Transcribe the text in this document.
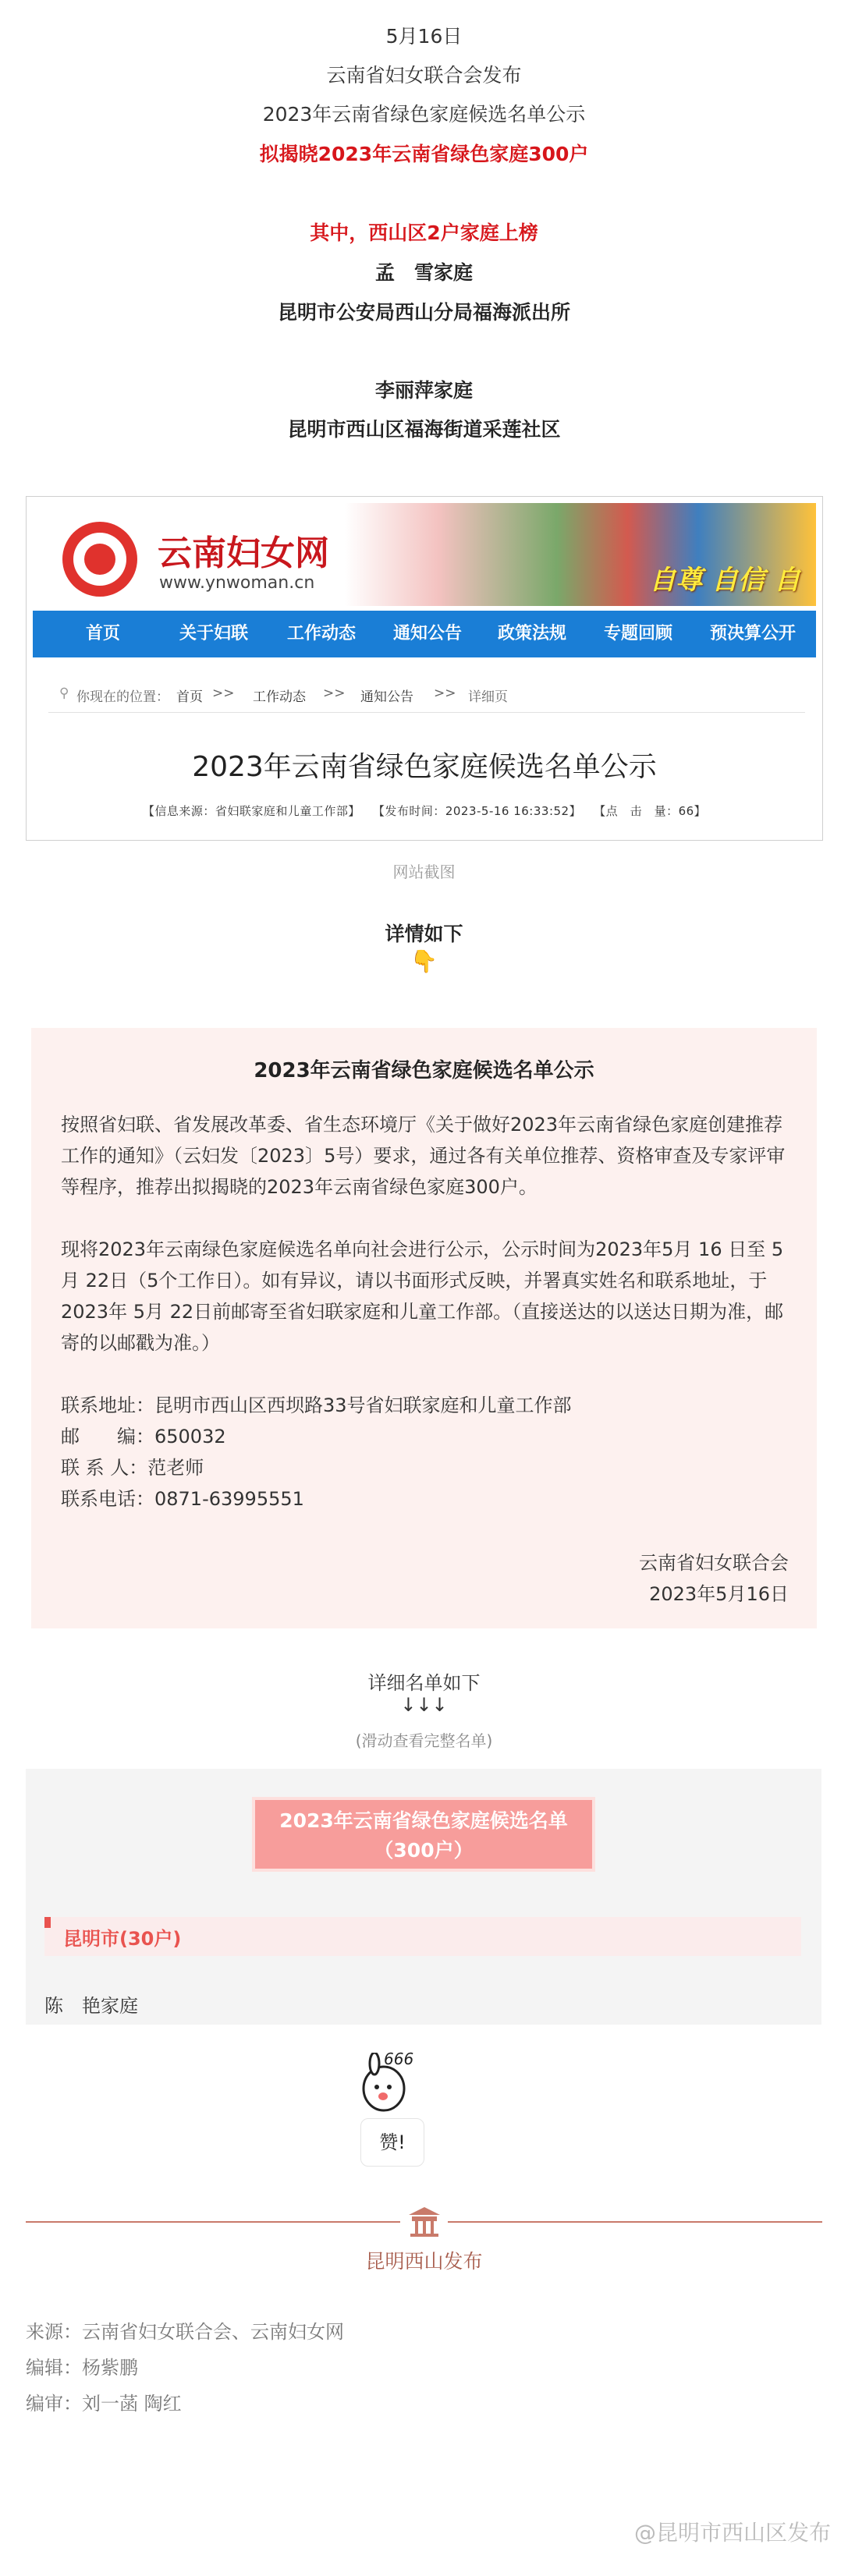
5月16日
云南省妇女联合会发布
2023年云南省绿色家庭候选名单公示
拟揭晓2023年云南省绿色家庭300户
其中，西山区2户家庭上榜
孟　雪家庭
昆明市公安局西山分局福海派出所
李丽萍家庭
昆明市西山区福海街道采莲社区
云南妇女网
www.ynwoman.cn	自尊 自信 自
首页	关于妇联 工作动态 通知公告 政策法规 专题回顾 预决算公开
⚲ 你现在的位置： 首页 >> 工作动态 >> 通知公告 >> 详细页
2023年云南省绿色家庭候选名单公示
【信息来源：省妇联家庭和儿童工作部】　　【发布时间：2023-5-16 16:33:52】　　【点　击　量：66】
网站截图
详情如下
👇
2023年云南省绿色家庭候选名单公示
按照省妇联、省发展改革委、省生态环境厅《关于做好2023年云南省绿色家庭创建推荐工作的通知》（云妇发〔2023〕5号）要求，通过各有关单位推荐、资格审查及专家评审等程序，推荐出拟揭晓的2023年云南省绿色家庭300户。
现将2023年云南绿色家庭候选名单向社会进行公示，公示时间为2023年5月 16 日至 5月 22日（5个工作日）。如有异议，请以书面形式反映，并署真实姓名和联系地址，于2023年 5月 22日前邮寄至省妇联家庭和儿童工作部。（直接送达的以送达日期为准，邮寄的以邮戳为准。）
联系地址：昆明市西山区西坝路33号省妇联家庭和儿童工作部
邮　　编：650032
联 系 人：范老师
联系电话：0871-63995551
云南省妇女联合会
2023年5月16日
详细名单如下
↓↓↓
(滑动查看完整名单)
2023年云南省绿色家庭候选名单
（300户）
昆明市(30户)
陈　艳家庭
666
赞!
昆明西山发布
来源：云南省妇女联合会、云南妇女网
编辑：杨紫鹏
编审：刘一菡 陶红
@昆明市西山区发布
